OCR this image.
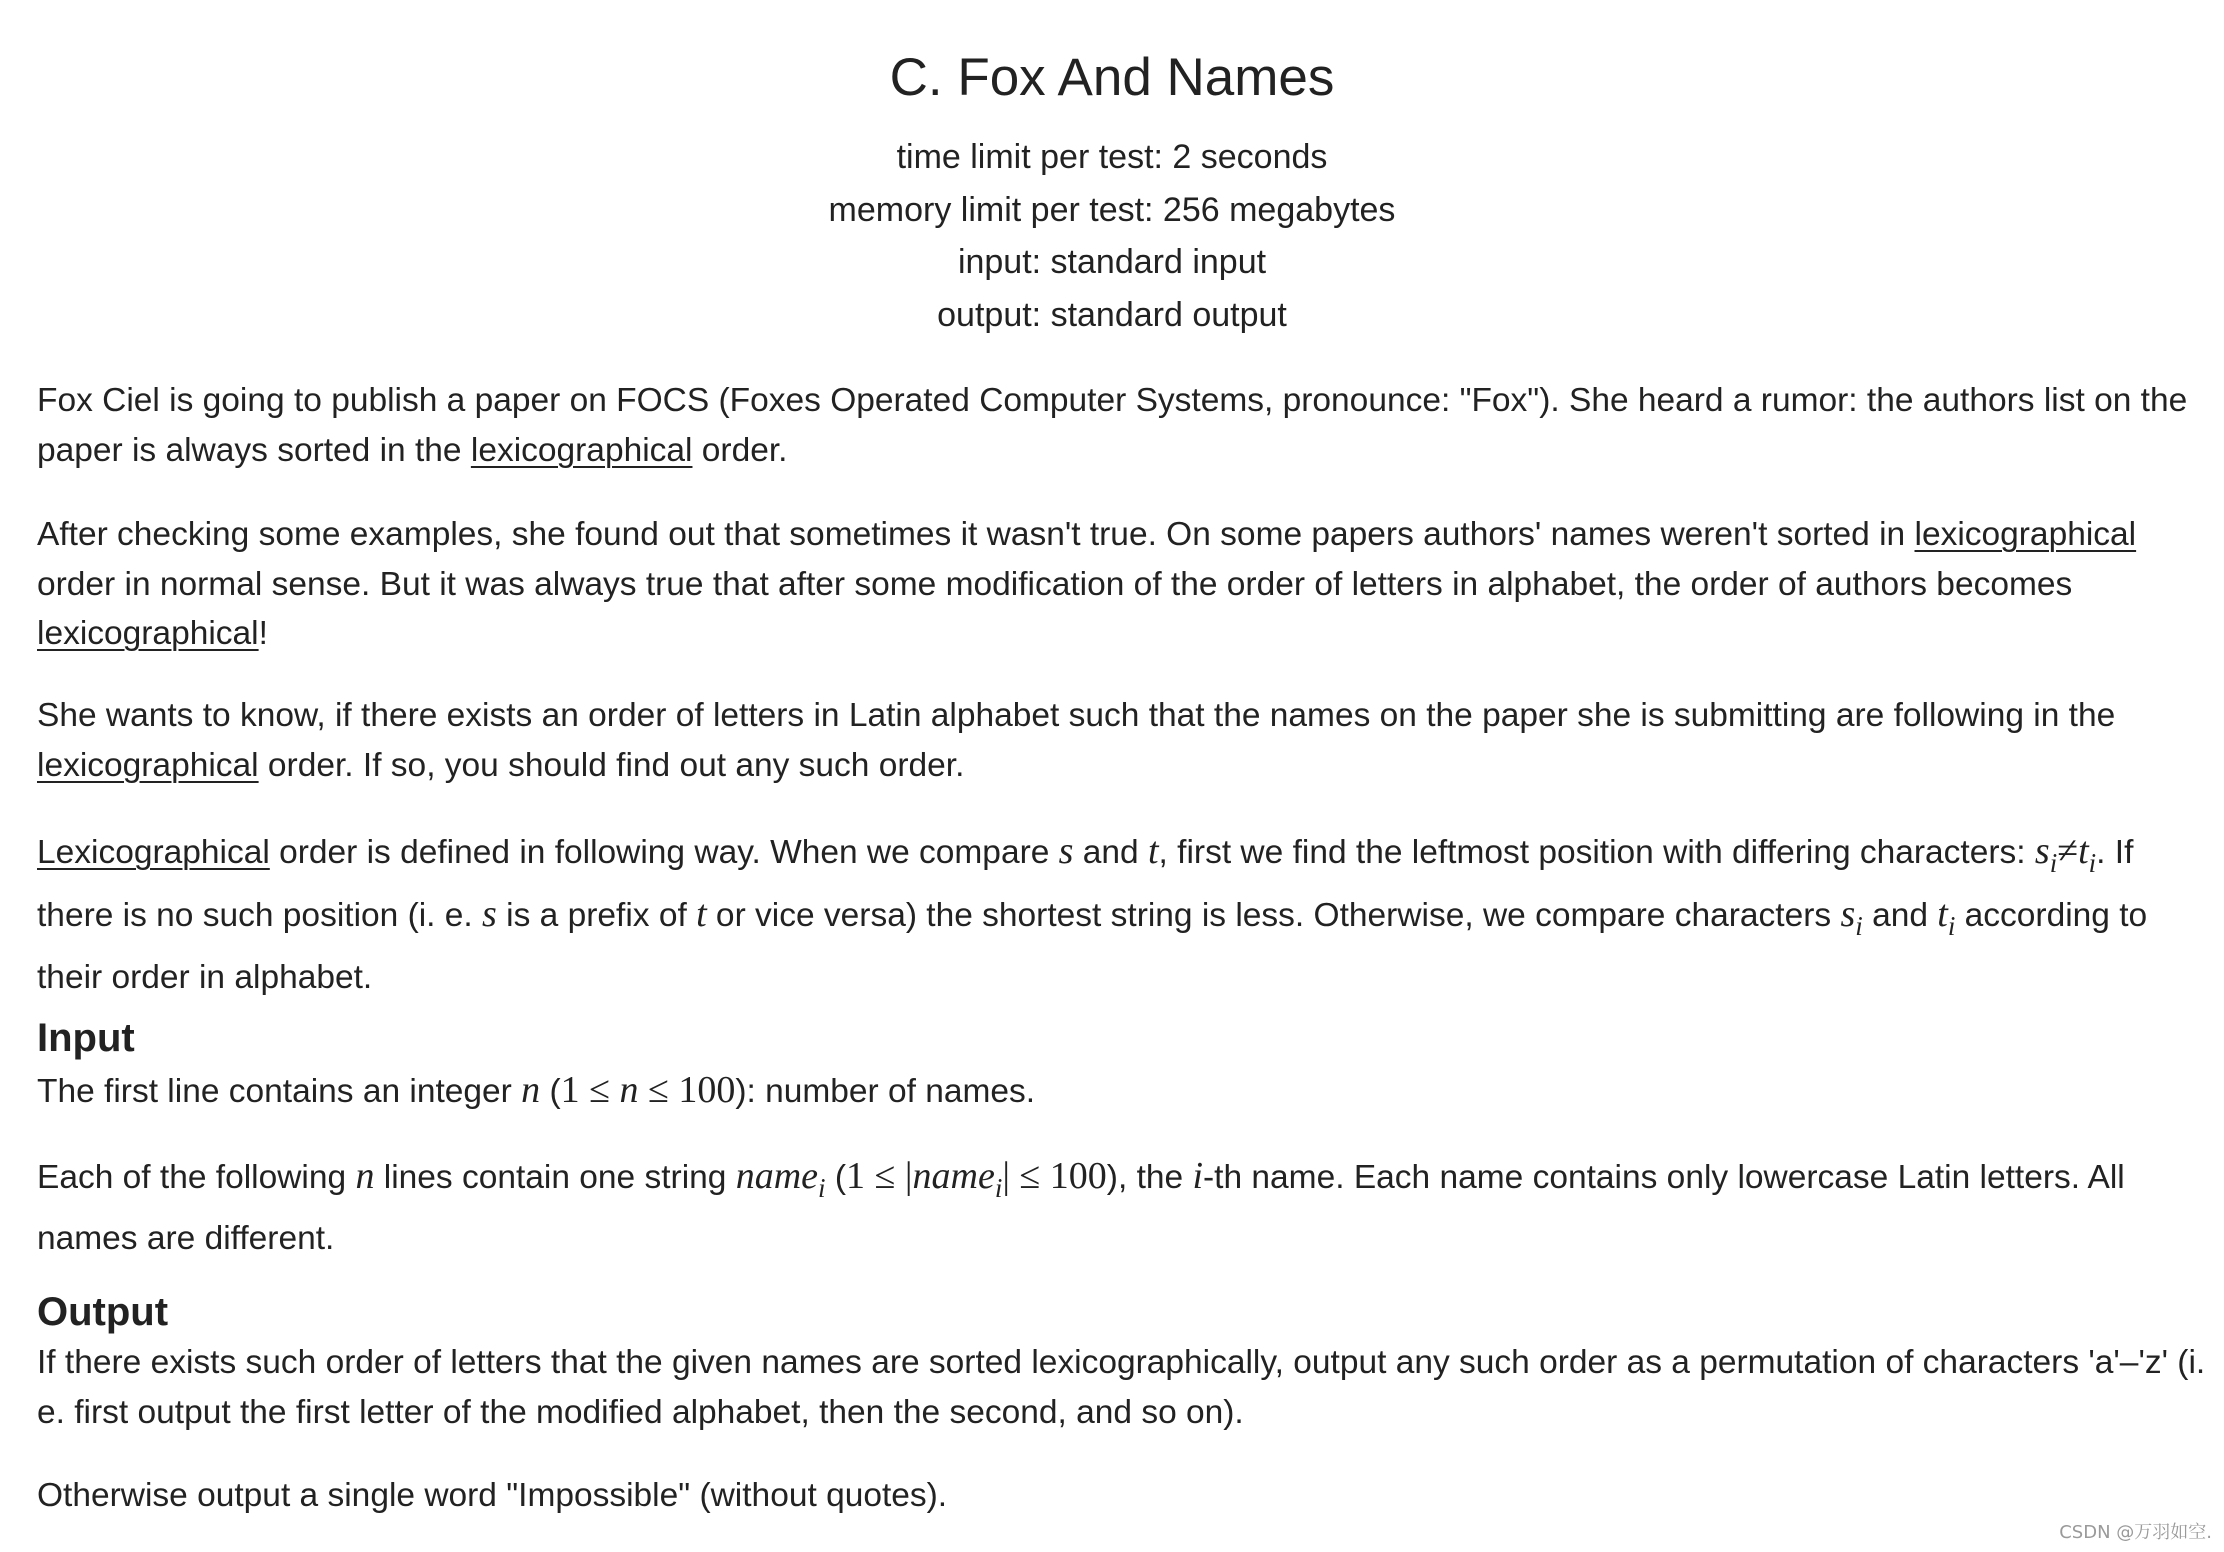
C. Fox And Names
time limit per test: 2 seconds
memory limit per test: 256 megabytes
input: standard input
output: standard output
Fox Ciel is going to publish a paper on FOCS (Foxes Operated Computer Systems, pronounce: "Fox"). She heard a rumor: the authors list on the paper is always sorted in the lexicographical order.
After checking some examples, she found out that sometimes it wasn't true. On some papers authors' names weren't sorted in lexicographical order in normal sense. But it was always true that after some modification of the order of letters in alphabet, the order of authors becomes lexicographical!
She wants to know, if there exists an order of letters in Latin alphabet such that the names on the paper she is submitting are following in the lexicographical order. If so, you should find out any such order.
Lexicographical order is defined in following way. When we compare s and t, first we find the leftmost position with differing characters: $s_i\ne t_i$. If there is no such position (i. e. s is a prefix of t or vice versa) the shortest string is less. Otherwise, we compare characters $s_i$ and $t_i$ according to their order in alphabet.
Input
The first line contains an integer n (1 ≤ n ≤ 100): number of names.
Each of the following n lines contain one string name$_i$ (1 ≤ |name$_i$| ≤ 100), the i-th name. Each name contains only lowercase Latin letters. All names are different.
Output
If there exists such order of letters that the given names are sorted lexicographically, output any such order as a permutation of characters 'a'–'z' (i. e. first output the first letter of the modified alphabet, then the second, and so on).
Otherwise output a single word "Impossible" (without quotes).
CSDN @万羽如空.
